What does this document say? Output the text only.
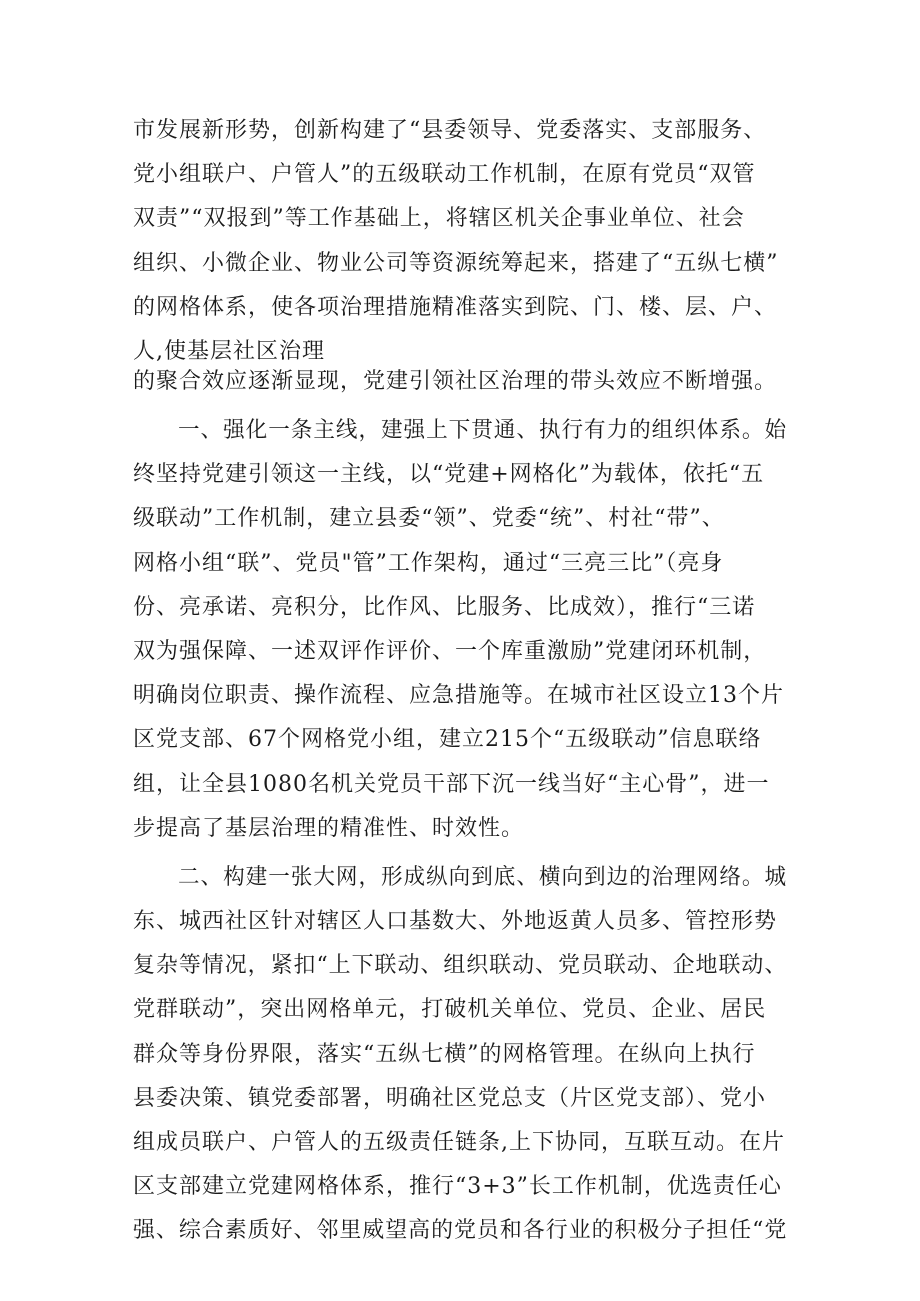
市发展新形势，创新构建了“县委领导、党委落实、支部服务、
党小组联户、户管人”的五级联动工作机制，在原有党员“双管
双责”“双报到”等工作基础上，将辖区机关企事业单位、社会
组织、小微企业、物业公司等资源统筹起来，搭建了“五纵七横”
的网格体系，使各项治理措施精准落实到院、门、楼、层、户、
人,使基层社区治理
的聚合效应逐渐显现，党建引领社区治理的带头效应不断增强。
一、强化一条主线，建强上下贯通、执行有力的组织体系。始
终坚持党建引领这一主线，以“党建+网格化”为载体，依托“五
级联动”工作机制，建立县委“领”、党委“统”、村社“带”、
网格小组“联”、党员"管”工作架构，通过“三亮三比”（亮身
份、亮承诺、亮积分，比作风、比服务、比成效），推行“三诺
双为强保障、一述双评作评价、一个库重激励”党建闭环机制，
明确岗位职责、操作流程、应急措施等。在城市社区设立13个片
区党支部、67个网格党小组，建立215个“五级联动”信息联络
组，让全县1080名机关党员干部下沉一线当好“主心骨”，进一
步提高了基层治理的精准性、时效性。
二、构建一张大网，形成纵向到底、横向到边的治理网络。城
东、城西社区针对辖区人口基数大、外地返黄人员多、管控形势
复杂等情况，紧扣“上下联动、组织联动、党员联动、企地联动、
党群联动”，突出网格单元，打破机关单位、党员、企业、居民
群众等身份界限，落实“五纵七横”的网格管理。在纵向上执行
县委决策、镇党委部署，明确社区党总支（片区党支部）、党小
组成员联户、户管人的五级责任链条,上下协同，互联互动。在片
区支部建立党建网格体系，推行“3+3”长工作机制，优选责任心
强、综合素质好、邻里威望高的党员和各行业的积极分子担任“党
